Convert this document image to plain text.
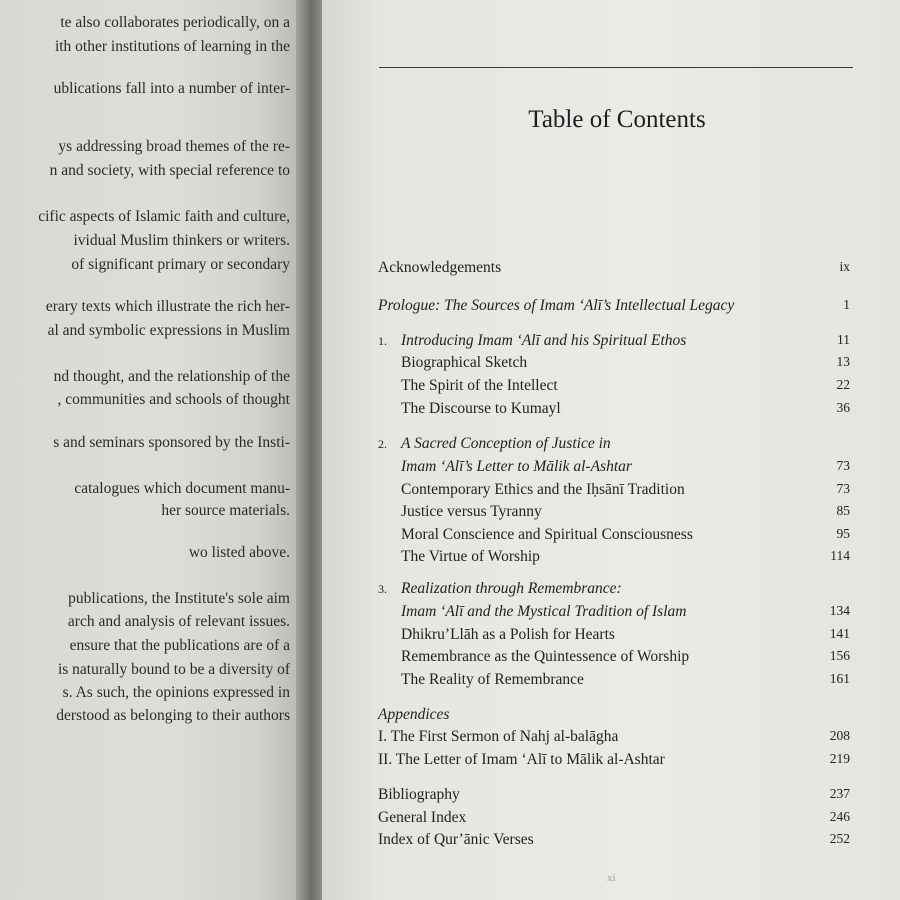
te also collaborates periodically, on a
ith other institutions of learning in the
ublications fall into a number of inter-
ys addressing broad themes of the re-
n and society, with special reference to
cific aspects of Islamic faith and culture,
ividual Muslim thinkers or writers.
of significant primary or secondary
erary texts which illustrate the rich her-
al and symbolic expressions in Muslim
nd thought, and the relationship of the
, communities and schools of thought
s and seminars sponsored by the Insti-
catalogues which document manu-
her source materials.
wo listed above.
publications, the Institute's sole aim
arch and analysis of relevant issues.
ensure that the publications are of a
is naturally bound to be a diversity of
s. As such, the opinions expressed in
derstood as belonging to their authors
Table of Contents
Acknowledgements	ix
Prologue: The Sources of Imam ‘Alī’s Intellectual Legacy	1
1. Introducing Imam ‘Alī and his Spiritual Ethos	11
Biographical Sketch	13
The Spirit of the Intellect	22
The Discourse to Kumayl	36
2. A Sacred Conception of Justice in
Imam ‘Alī’s Letter to Mālik al-Ashtar	73
Contemporary Ethics and the Iḥsānī Tradition	73
Justice versus Tyranny	85
Moral Conscience and Spiritual Consciousness	95
The Virtue of Worship	114
3. Realization through Remembrance:
Imam ‘Alī and the Mystical Tradition of Islam	134
Dhikru’Llāh as a Polish for Hearts	141
Remembrance as the Quintessence of Worship	156
The Reality of Remembrance	161
Appendices
I. The First Sermon of Nahj al-balāgha	208
II. The Letter of Imam ‘Alī to Mālik al-Ashtar	219
Bibliography	237
General Index	246
Index of Qur’ānic Verses	252
xi
